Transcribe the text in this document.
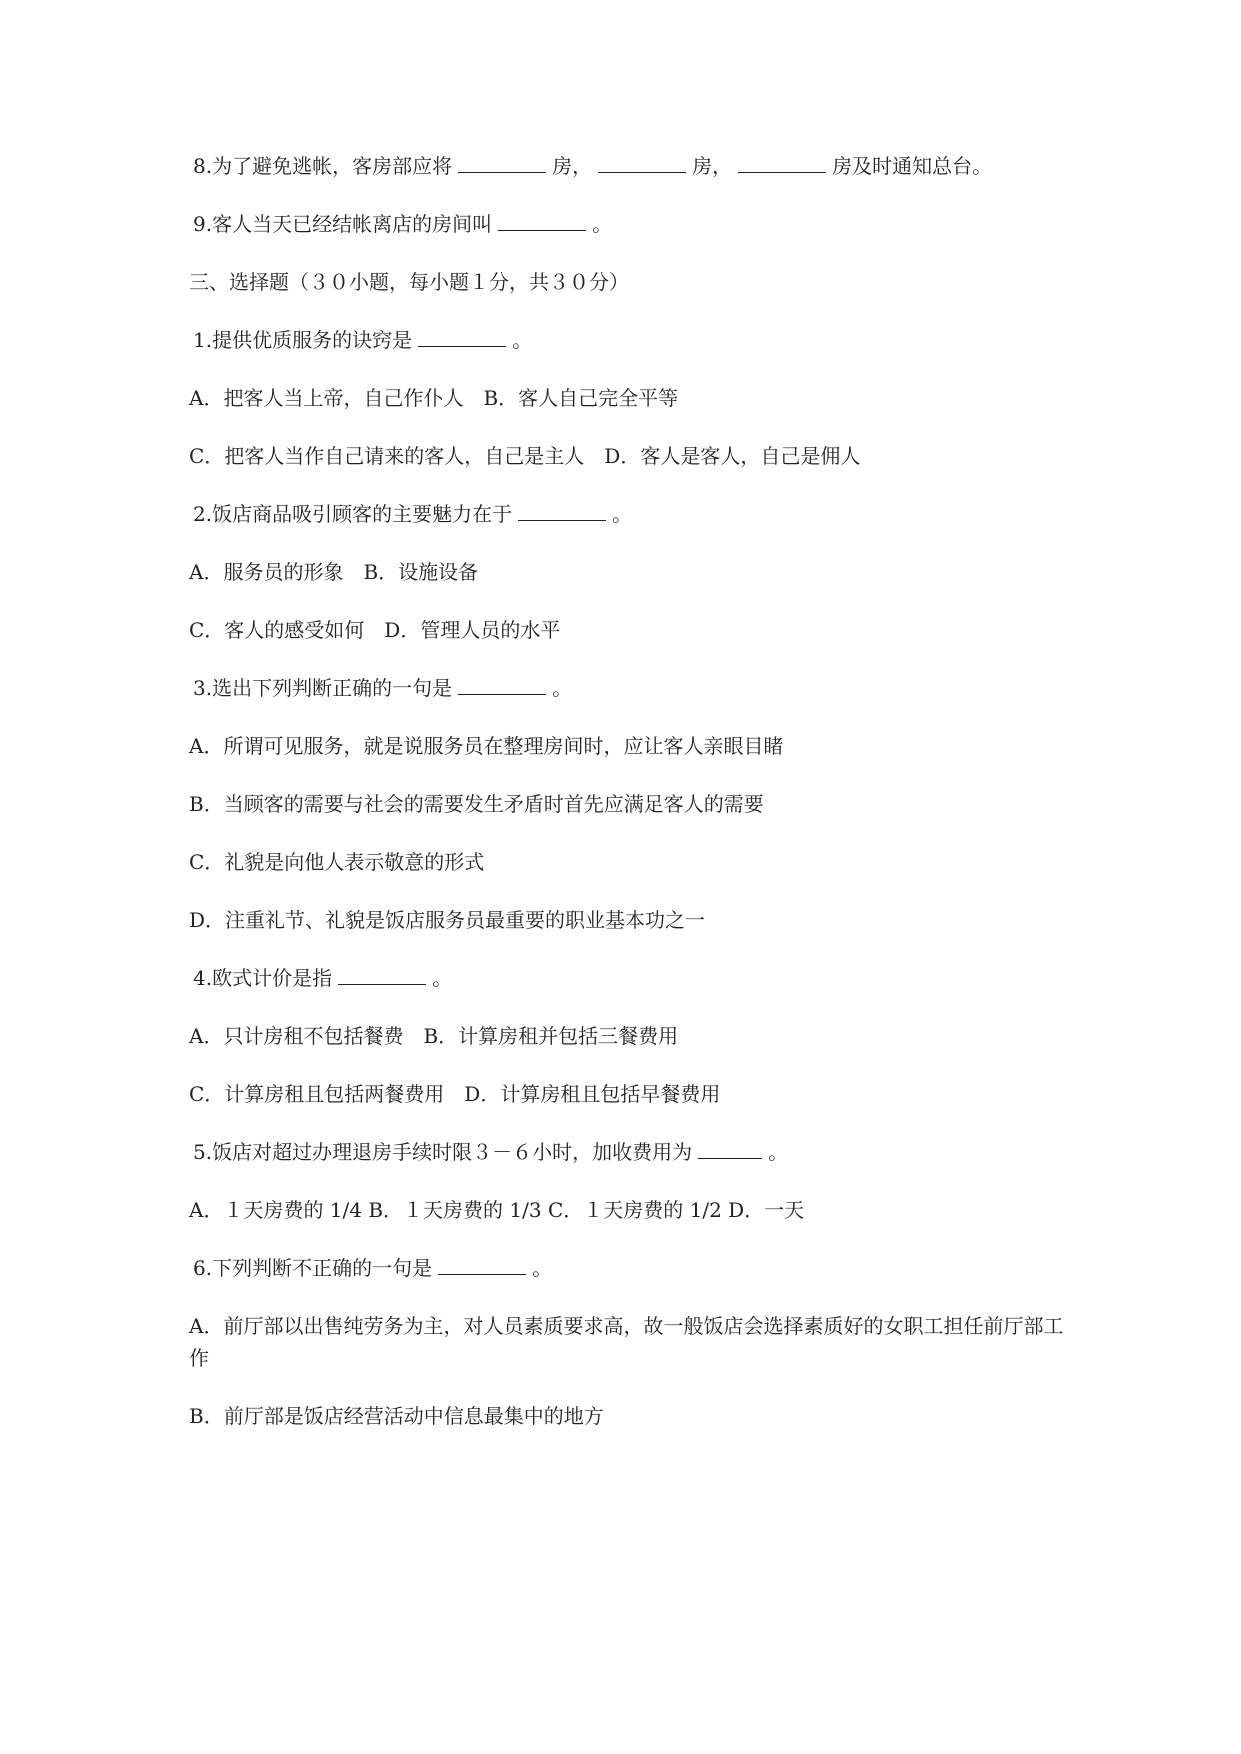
8.为了避免逃帐，客房部应将	房，	房，	房及时通知总台。
9.客人当天已经结帐离店的房间叫	。
三、选择题（３０小题，每小题１分，共３０分）
1.提供优质服务的诀窍是	。
A．把客人当上帝，自己作仆人　B．客人自己完全平等
C．把客人当作自己请来的客人，自己是主人　D．客人是客人，自己是佣人
2.饭店商品吸引顾客的主要魅力在于	。
A．服务员的形象　B．设施设备
C．客人的感受如何　D．管理人员的水平
3.选出下列判断正确的一句是	。
A．所谓可见服务，就是说服务员在整理房间时，应让客人亲眼目睹
B．当顾客的需要与社会的需要发生矛盾时首先应满足客人的需要
C．礼貌是向他人表示敬意的形式
D．注重礼节、礼貌是饭店服务员最重要的职业基本功之一
4.欧式计价是指	。
A．只计房租不包括餐费　B．计算房租并包括三餐费用
C．计算房租且包括两餐费用　D．计算房租且包括早餐费用
5.饭店对超过办理退房手续时限３－６小时，加收费用为	。
A．１天房费的 1/4 B．１天房费的 1/3 C．１天房费的 1/2 D．一天
6.下列判断不正确的一句是	。
A．前厅部以出售纯劳务为主，对人员素质要求高，故一般饭店会选择素质好的女职工担任前厅部工作
B．前厅部是饭店经营活动中信息最集中的地方
